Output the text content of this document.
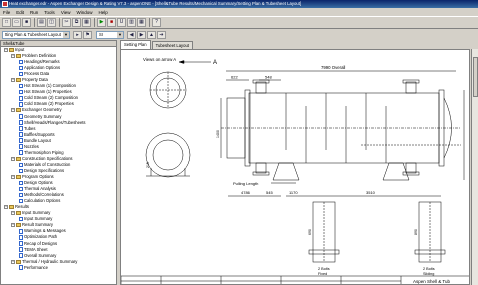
Heat exchanger.edr - Aspen Exchanger Design & Rating V7.3 - aspenONE - [Shell&Tube Results/Mechanical Summary/Setting Plan & Tubesheet Layout]
File Edit Run Tools View Window Help
□	▭	■	▤	◫	✂	⧉	▦	▶	■	U	▥	▦	?
tting Plan & Tubesheet Layout ▼	▸	⚑	SI	▼	◀	▶	▲	➔
Shell&Tube
− Input
− Problem Definition
Headings/Remarks
Application Options
Process Data
− Property Data
Hot Stream (1) Composition
Hot Stream (1) Properties
Cold Stream (2) Composition
Cold Stream (2) Properties
− Exchanger Geometry
Geometry Summary
Shell/Heads/Flanges/Tubesheets
Tubes
Baffles/Supports
Bundle Layout
Nozzles
Thermosiphon Piping
− Construction Specifications
Materials of Construction
Design Specifications
− Program Options
Design Options
Thermal Analysis
Methods/Correlations
Calculation Options
− Results
− Input Summary
Input Summary
− Result Summary
Warnings & Messages
Optimization Path
Recap of Designs
TEMA Sheet
Overall Summary
− Thermal / Hydraulic Summary
Performance
Setting Plan	Tubesheet Layout
Views on arrow A
A
7990 Overall
622	548
215
1400
Pulling Length
4786	545	1170	3510
690
2 Bolts
Fixed
890
2 Bolts
Sliding
Aspen Shell & Tub
